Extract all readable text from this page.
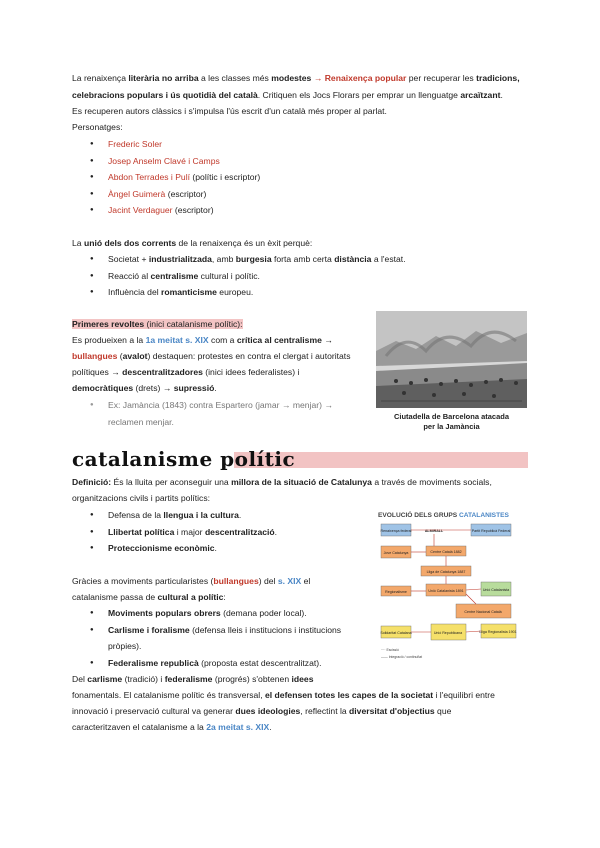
La renaixença literària no arriba a les classes més modestes → Renaixença popular per recuperar les tradicions,
celebracions populars i ús quotidià del català. Critiquen els Jocs Florars per emprar un llenguatge arcaïtzant.
Es recuperen autors clàssics i s'impulsa l'ús escrit d'un català més proper al parlat.
Personatges:
● Frederic Soler
● Josep Anselm Clavé i Camps
● Abdon Terrades i Pulí (polític i escriptor)
● Àngel Guimerà (escriptor)
● Jacint Verdaguer (escriptor)
La unió dels dos corrents de la renaixença és un èxit perquè:
● Societat + industrialitzada, amb burgesia forta amb certa distància a l'estat.
● Reacció al centralisme cultural i polític.
● Influència del romanticisme europeu.
Primeres revoltes (inici catalanisme polític):
Es produeixen a la 1a meitat s. XIX com a crítica al centralisme →
bullangues (avalot) destaquen: protestes en contra el clergat i autoritats
polítiques → descentralitzadores (inici idees federalistes) i
democràtiques (drets) → supressió.
● Ex: Jamància (1843) contra Espartero (jamar → menjar) →
reclamen menjar.	Ciutadella de Barcelona atacada
per la Jamància
catalanisme polític
Definició: És la lluita per aconseguir una millora de la situació de Catalunya a través de moviments socials,
organitzacions civils i partits polítics:
● Defensa de la llengua i la cultura.
● Llibertat política i major descentralització.
● Proteccionisme econòmic.
Gràcies a moviments particularistes (bullangues) del s. XIX el
catalanisme passa de cultural a polític:
● Moviments populars obrers (demana poder local).
● Carlisme i foralisme (defensa lleis i institucions i institucions
pròpies).
● Federalisme republicà (proposta estat descentralitzat).
Del carlisme (tradició) i federalisme (progrés) s'obtenen idees
fonamentals. El catalanisme polític és transversal, el defensen totes les capes de la societat i l'equilibri entre
innovació i preservació cultural va generar dues ideologies, reflectint la diversitat d'objectius que
caracteritzaven el catalanisme a la 2a meitat s. XIX.
EVOLUCIÓ DELS GRUPS CATALANISTES
Renaixença federal	Partit Republicà Federal
ALMIRALL
Jove Catalunya	Centre Català 1882
Lliga de Catalunya 1887
Unió Catalanista 1891
Regionalisme	Unió Catalanista
Centre Nacional Català
Lliga Regionalista 1901
Solidaritat Catalana	Unió Republicana
···· Escissió
—— Integració / continuïtat
